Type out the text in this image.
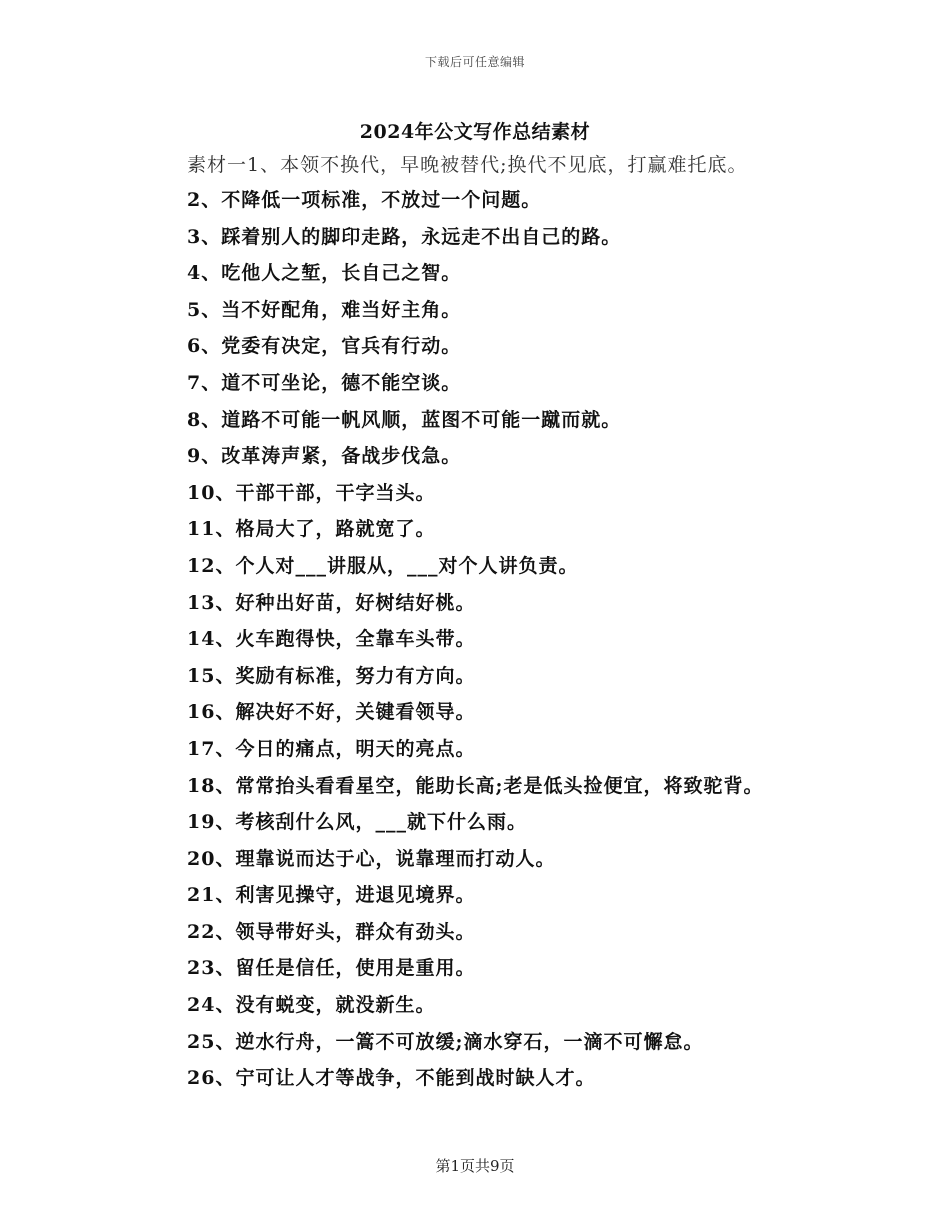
下载后可任意编辑
2024年公文写作总结素材
素材一1、本领不换代，早晚被替代;换代不见底，打赢难托底。
2、不降低一项标准，不放过一个问题。
3、踩着别人的脚印走路，永远走不出自己的路。
4、吃他人之堑，长自己之智。
5、当不好配角，难当好主角。
6、党委有决定，官兵有行动。
7、道不可坐论，德不能空谈。
8、道路不可能一帆风顺，蓝图不可能一蹴而就。
9、改革涛声紧，备战步伐急。
10、干部干部，干字当头。
11、格局大了，路就宽了。
12、个人对___讲服从，___对个人讲负责。
13、好种出好苗，好树结好桃。
14、火车跑得快，全靠车头带。
15、奖励有标准，努力有方向。
16、解决好不好，关键看领导。
17、今日的痛点，明天的亮点。
18、常常抬头看看星空，能助长高;老是低头捡便宜，将致驼背。
19、考核刮什么风，___就下什么雨。
20、理靠说而达于心，说靠理而打动人。
21、利害见操守，进退见境界。
22、领导带好头，群众有劲头。
23、留任是信任，使用是重用。
24、没有蜕变，就没新生。
25、逆水行舟，一篙不可放缓;滴水穿石，一滴不可懈怠。
26、宁可让人才等战争，不能到战时缺人才。
第1页共9页
